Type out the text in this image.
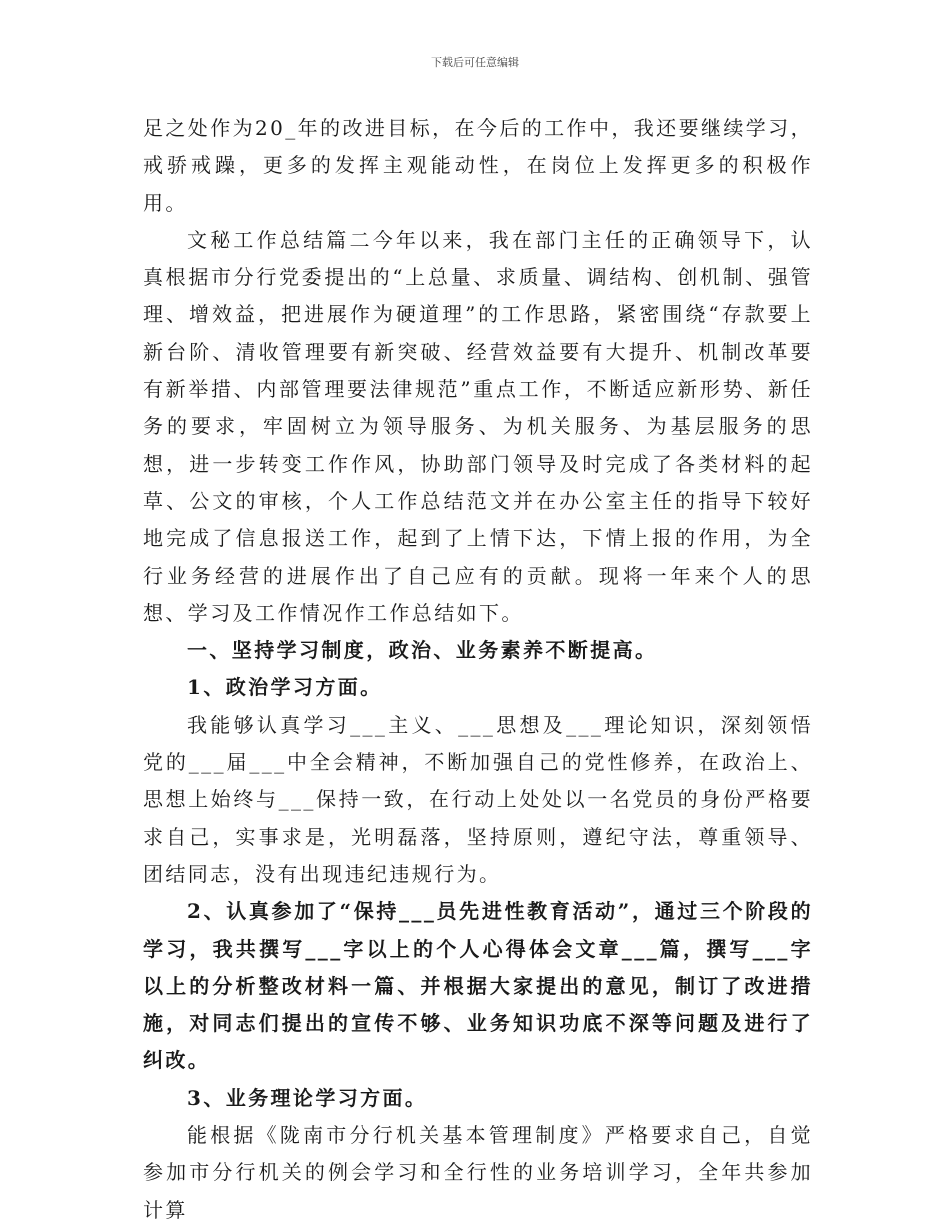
下载后可任意编辑

足之处作为20_年的改进目标，在今后的工作中，我还要继续学习，戒骄戒躁，更多的发挥主观能动性，在岗位上发挥更多的积极作用。

文秘工作总结篇二今年以来，我在部门主任的正确领导下，认真根据市分行党委提出的“上总量、求质量、调结构、创机制、强管理、增效益，把进展作为硬道理”的工作思路，紧密围绕“存款要上新台阶、清收管理要有新突破、经营效益要有大提升、机制改革要有新举措、内部管理要法律规范”重点工作，不断适应新形势、新任务的要求，牢固树立为领导服务、为机关服务、为基层服务的思想，进一步转变工作作风，协助部门领导及时完成了各类材料的起草、公文的审核，个人工作总结范文并在办公室主任的指导下较好地完成了信息报送工作，起到了上情下达，下情上报的作用，为全行业务经营的进展作出了自己应有的贡献。现将一年来个人的思想、学习及工作情况作工作总结如下。

一、坚持学习制度，政治、业务素养不断提高。

1、政治学习方面。

我能够认真学习___主义、___思想及___理论知识，深刻领悟党的___届___中全会精神，不断加强自己的党性修养，在政治上、思想上始终与___保持一致，在行动上处处以一名党员的身份严格要求自己，实事求是，光明磊落，坚持原则，遵纪守法，尊重领导、团结同志，没有出现违纪违规行为。

2、认真参加了“保持___员先进性教育活动”，通过三个阶段的学习，我共撰写___字以上的个人心得体会文章___篇，撰写___字以上的分析整改材料一篇、并根据大家提出的意见，制订了改进措施，对同志们提出的宣传不够、业务知识功底不深等问题及进行了纠改。

3、业务理论学习方面。

能根据《陇南市分行机关基本管理制度》严格要求自己，自觉参加市分行机关的例会学习和全行性的业务培训学习，全年共参加计算
